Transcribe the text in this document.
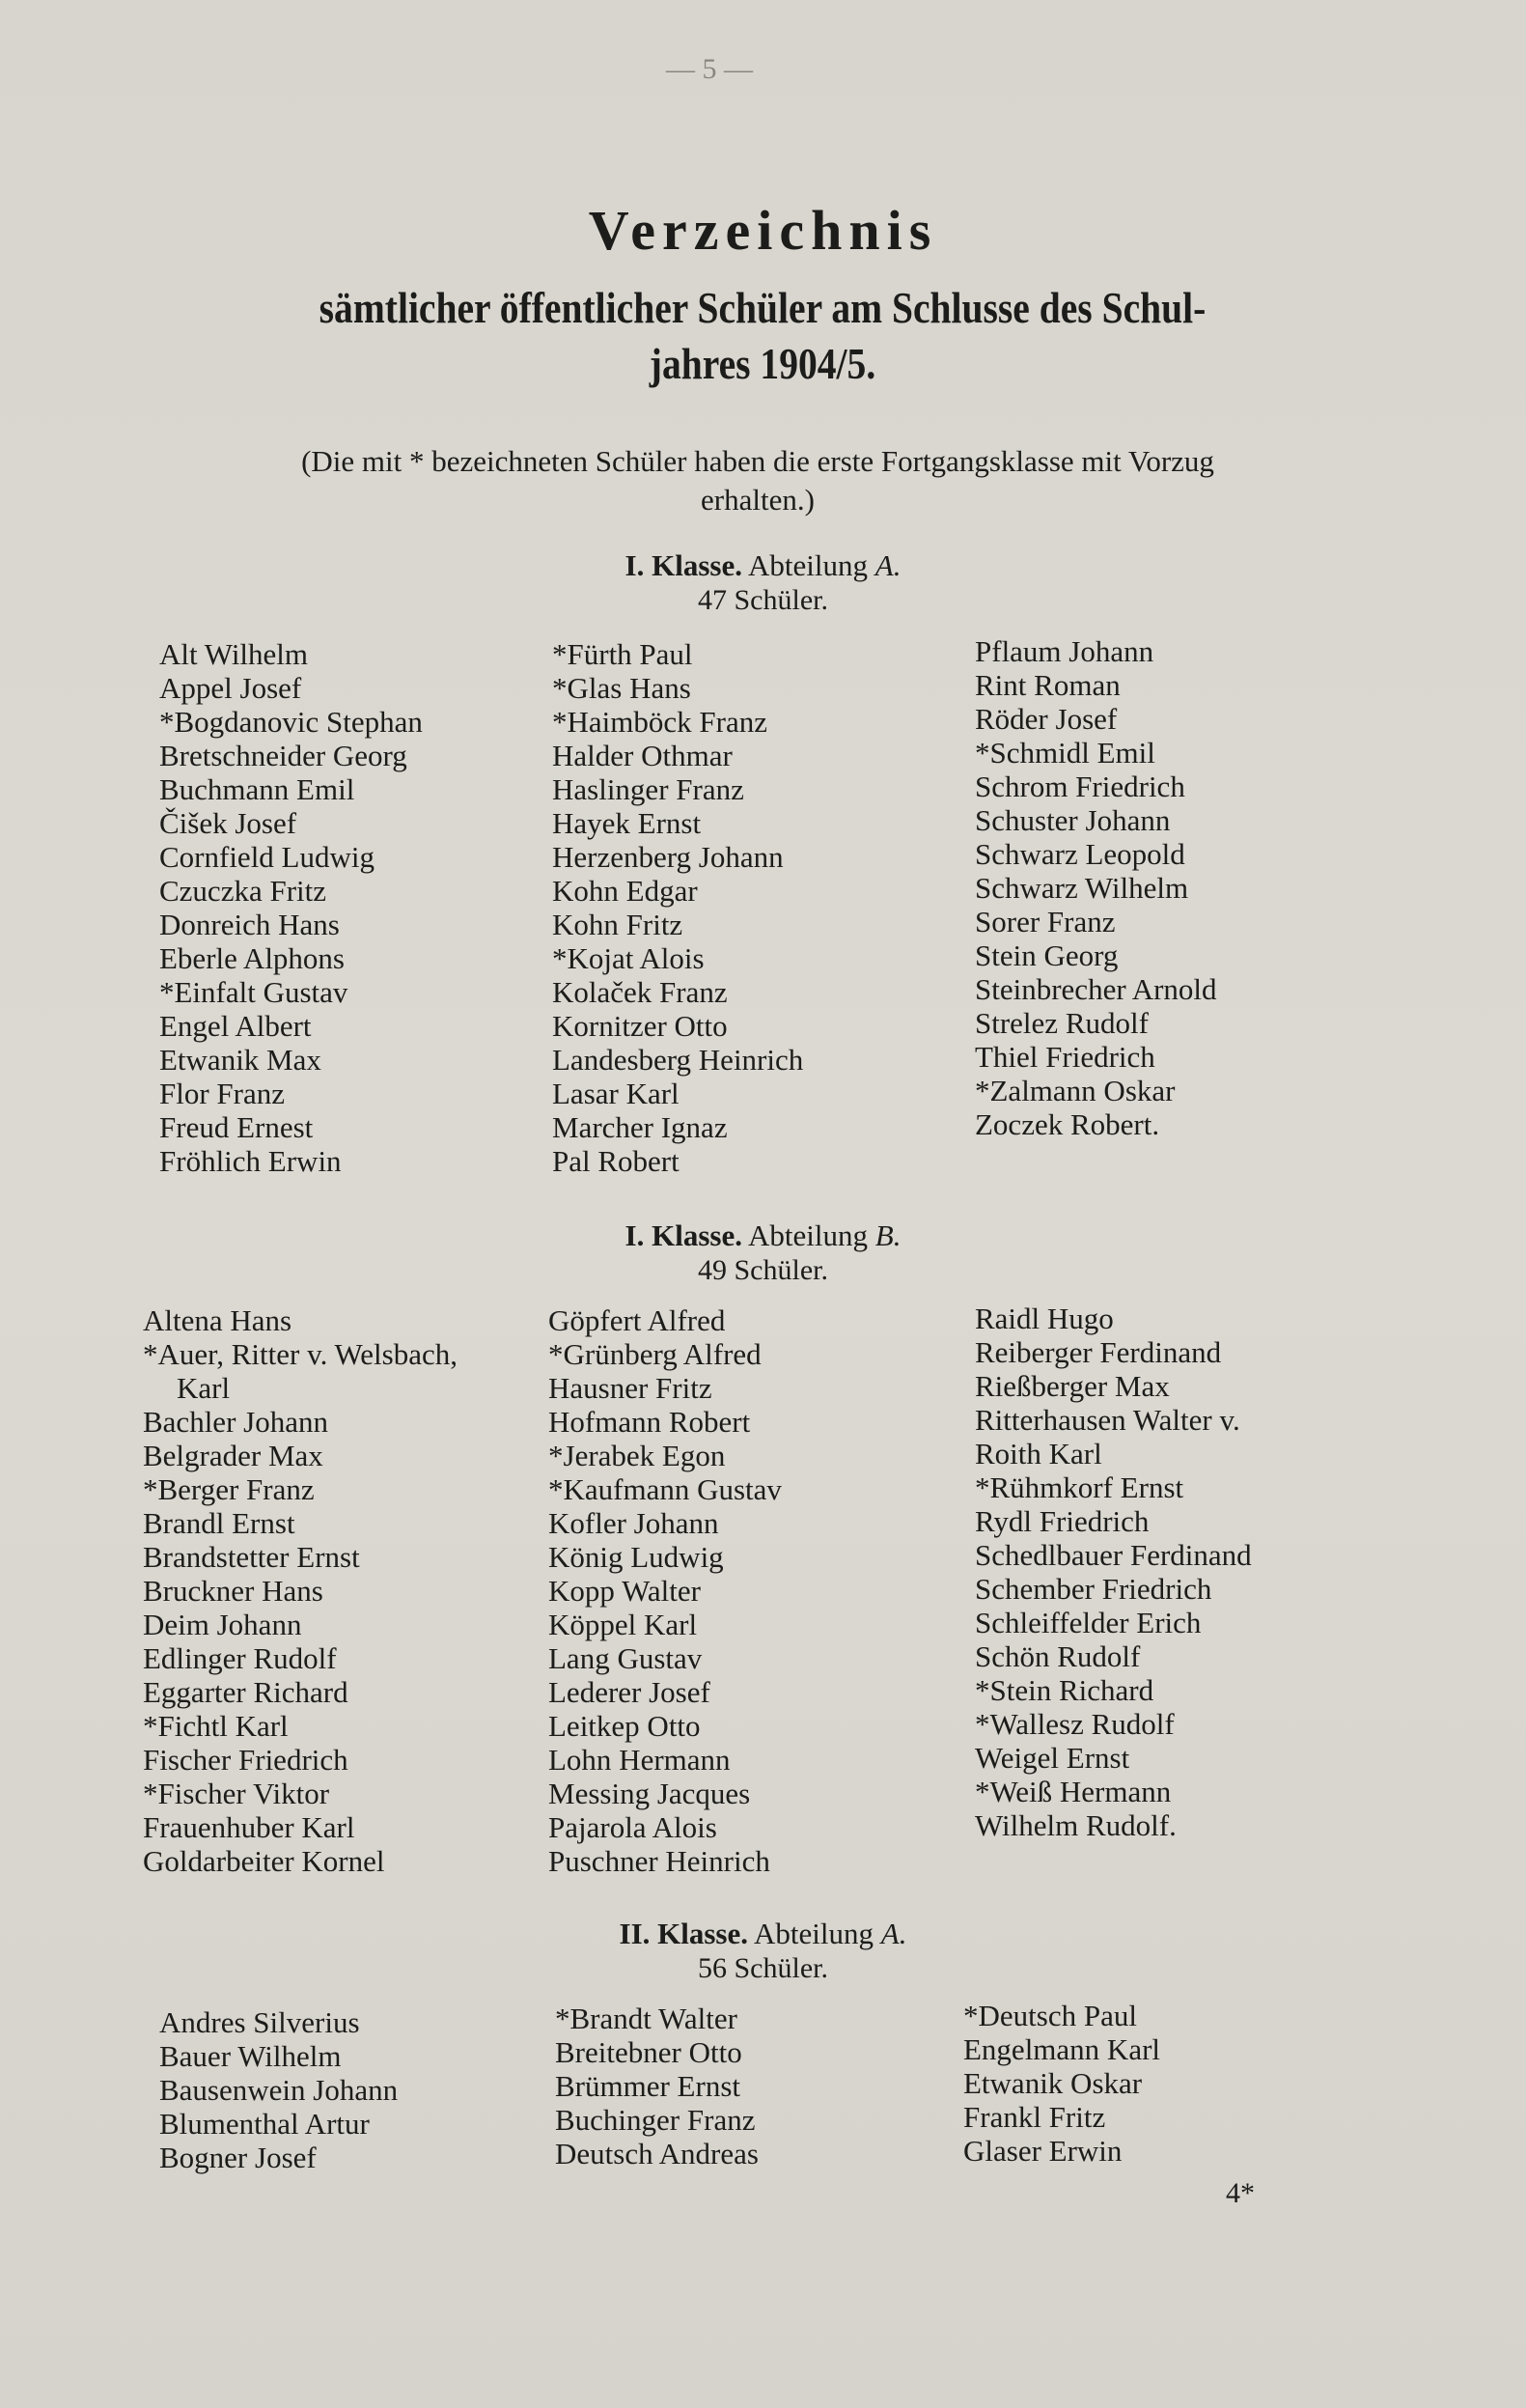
— 5 —
Verzeichnis
sämtlicher öffentlicher Schüler am Schlusse des Schul-
jahres 1904/5.
(Die mit * bezeichneten Schüler haben die erste Fortgangsklasse mit Vorzug
erhalten.)
I. Klasse. Abteilung A.
47 Schüler.
Alt Wilhelm
Appel Josef
*Bogdanovic Stephan
Bretschneider Georg
Buchmann Emil
Čišek Josef
Cornfield Ludwig
Czuczka Fritz
Donreich Hans
Eberle Alphons
*Einfalt Gustav
Engel Albert
Etwanik Max
Flor Franz
Freud Ernest
Fröhlich Erwin
*Fürth Paul
*Glas Hans
*Haimböck Franz
Halder Othmar
Haslinger Franz
Hayek Ernst
Herzenberg Johann
Kohn Edgar
Kohn Fritz
*Kojat Alois
Kolaček Franz
Kornitzer Otto
Landesberg Heinrich
Lasar Karl
Marcher Ignaz
Pal Robert
Pflaum Johann
Rint Roman
Röder Josef
*Schmidl Emil
Schrom Friedrich
Schuster Johann
Schwarz Leopold
Schwarz Wilhelm
Sorer Franz
Stein Georg
Steinbrecher Arnold
Strelez Rudolf
Thiel Friedrich
*Zalmann Oskar
Zoczek Robert.
I. Klasse. Abteilung B.
49 Schüler.
Altena Hans
*Auer, Ritter v. Welsbach,
Karl
Bachler Johann
Belgrader Max
*Berger Franz
Brandl Ernst
Brandstetter Ernst
Bruckner Hans
Deim Johann
Edlinger Rudolf
Eggarter Richard
*Fichtl Karl
Fischer Friedrich
*Fischer Viktor
Frauenhuber Karl
Goldarbeiter Kornel
Göpfert Alfred
*Grünberg Alfred
Hausner Fritz
Hofmann Robert
*Jerabek Egon
*Kaufmann Gustav
Kofler Johann
König Ludwig
Kopp Walter
Köppel Karl
Lang Gustav
Lederer Josef
Leitkep Otto
Lohn Hermann
Messing Jacques
Pajarola Alois
Puschner Heinrich
Raidl Hugo
Reiberger Ferdinand
Rießberger Max
Ritterhausen Walter v.
Roith Karl
*Rühmkorf Ernst
Rydl Friedrich
Schedlbauer Ferdinand
Schember Friedrich
Schleiffelder Erich
Schön Rudolf
*Stein Richard
*Wallesz Rudolf
Weigel Ernst
*Weiß Hermann
Wilhelm Rudolf.
II. Klasse. Abteilung A.
56 Schüler.
Andres Silverius
Bauer Wilhelm
Bausenwein Johann
Blumenthal Artur
Bogner Josef
*Brandt Walter
Breitebner Otto
Brümmer Ernst
Buchinger Franz
Deutsch Andreas
*Deutsch Paul
Engelmann Karl
Etwanik Oskar
Frankl Fritz
Glaser Erwin
4*
